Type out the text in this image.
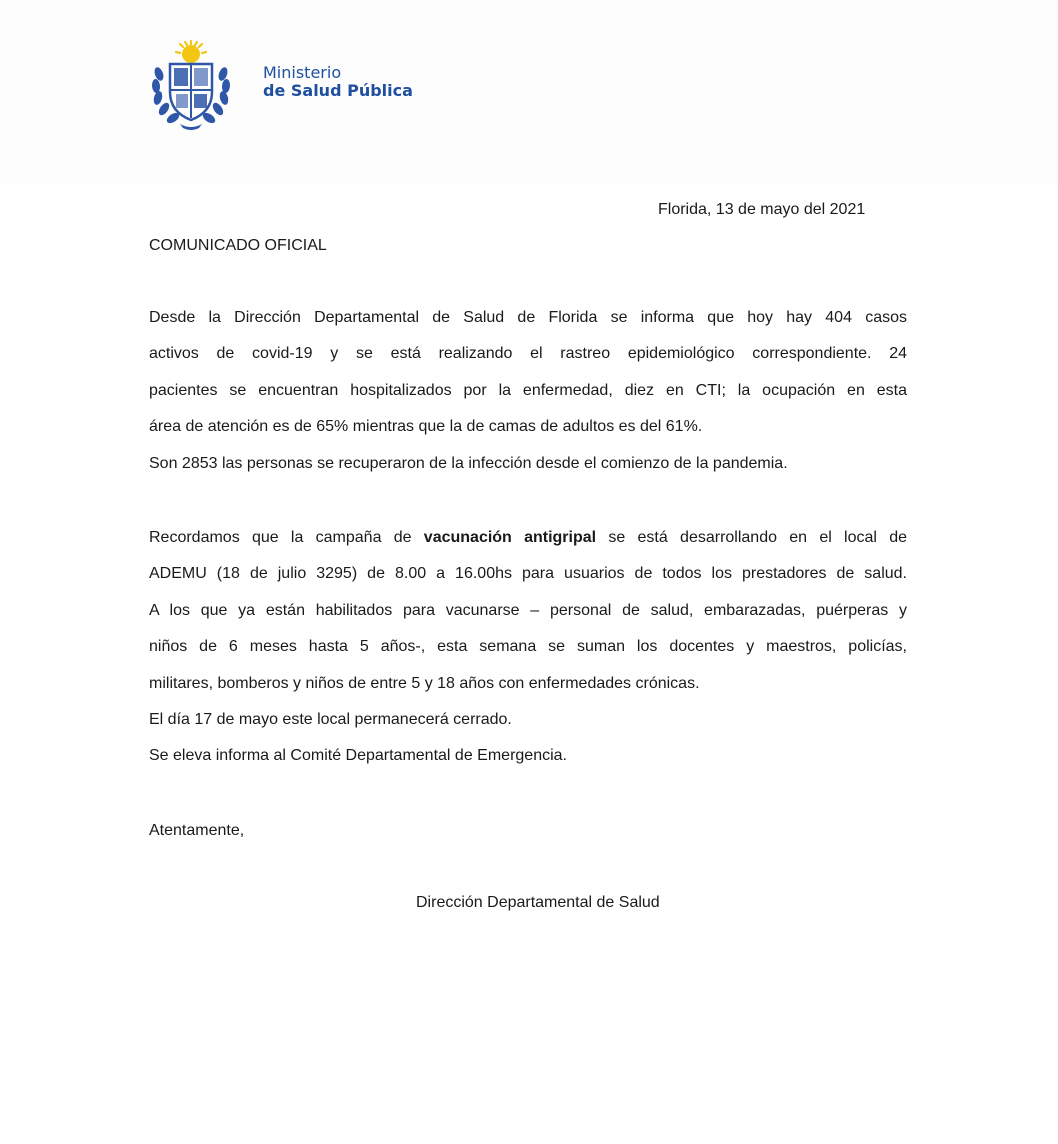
Ministerio
de Salud Pública
Florida, 13 de mayo del 2021
COMUNICADO OFICIAL
Desde la Dirección Departamental de Salud de Florida se informa que hoy hay 404 casos
activos de covid-19 y se está realizando el rastreo epidemiológico correspondiente. 24
pacientes se encuentran hospitalizados por la enfermedad, diez en CTI; la ocupación en esta
área de atención es de 65% mientras que la de camas de adultos es del 61%.
Son 2853 las personas se recuperaron de la infección desde el comienzo de la pandemia.
Recordamos que la campaña de vacunación antigripal se está desarrollando en el local de
ADEMU (18 de julio 3295) de 8.00 a 16.00hs para usuarios de todos los prestadores de salud.
A los que ya están habilitados para vacunarse – personal de salud, embarazadas, puérperas y
niños de 6 meses hasta 5 años-, esta semana se suman los docentes y maestros, policías,
militares, bomberos y niños de entre 5 y 18 años con enfermedades crónicas.
El día 17 de mayo este local permanecerá cerrado.
Se eleva informa al Comité Departamental de Emergencia.
Atentamente,
Dirección Departamental de Salud
